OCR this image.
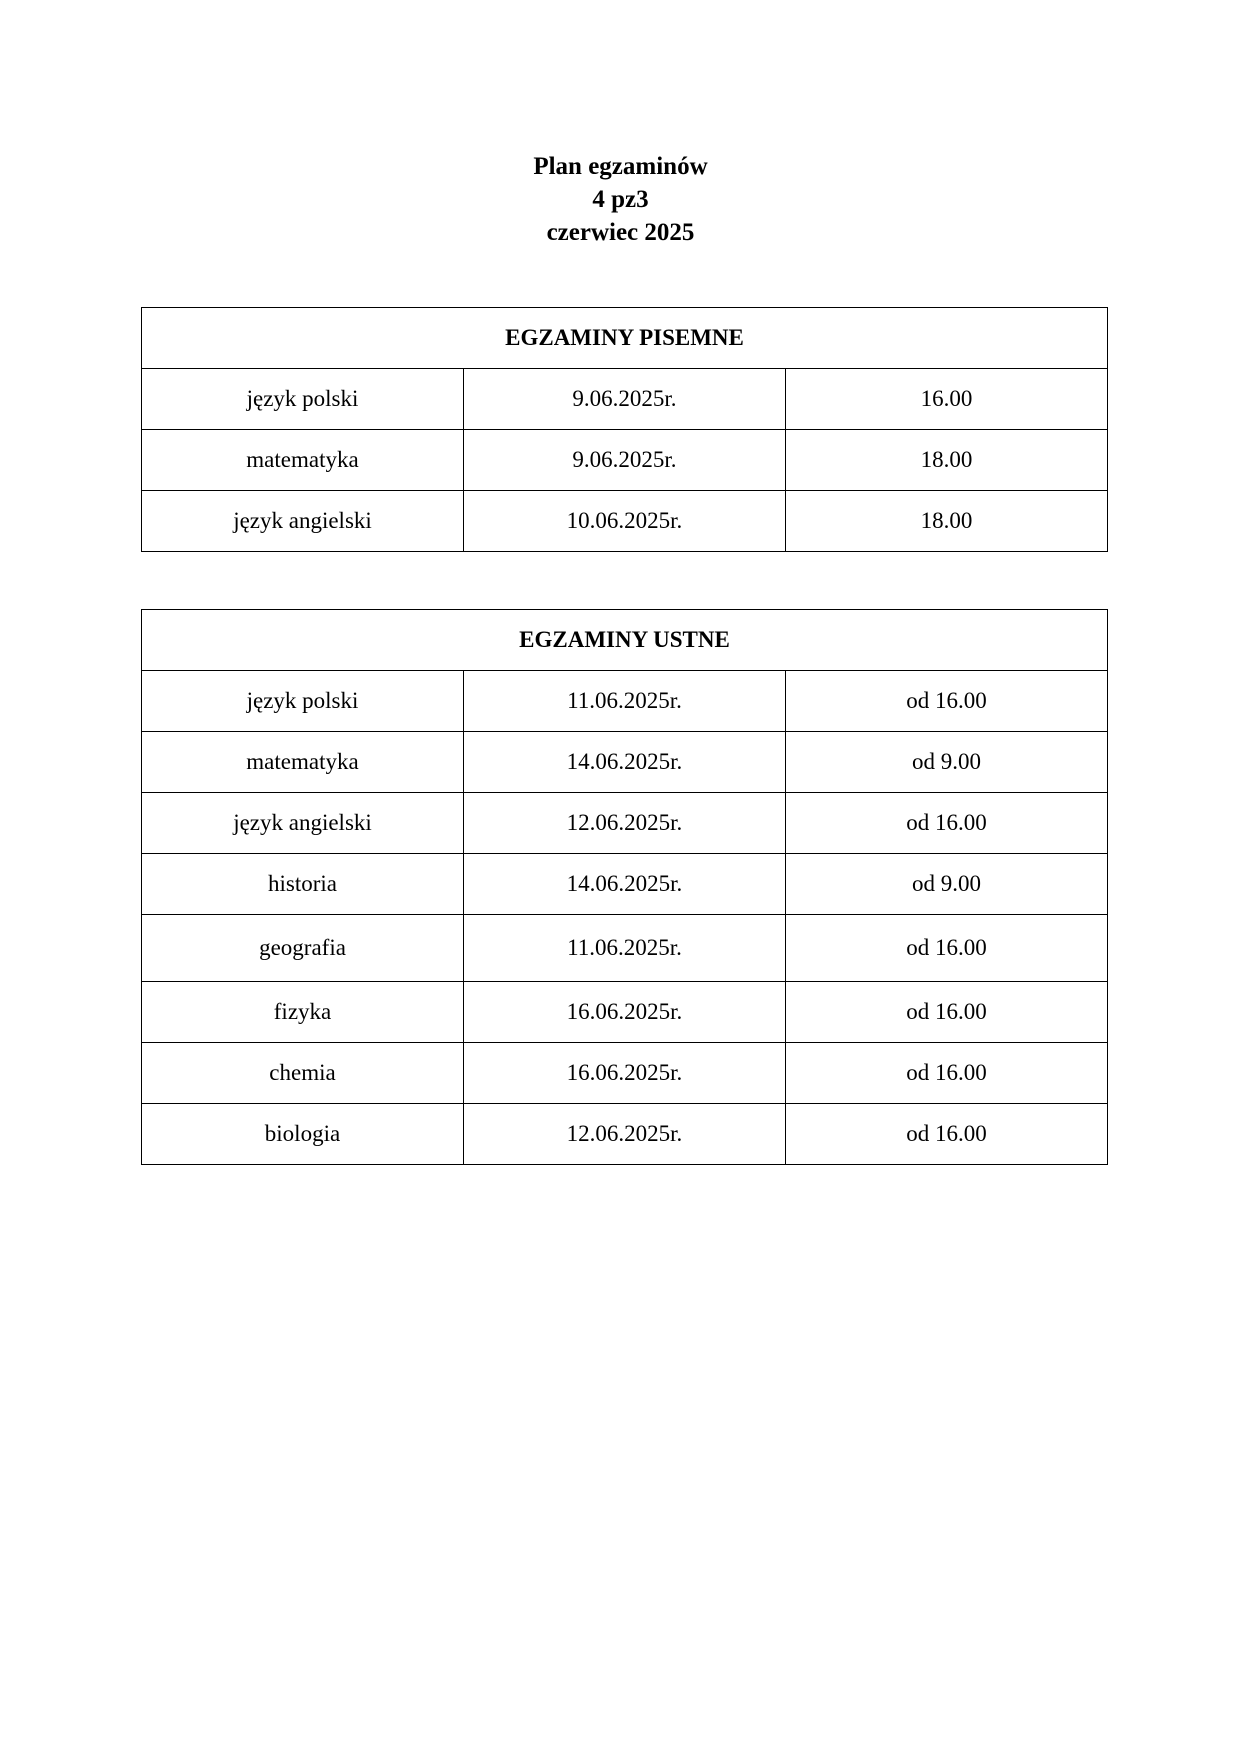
Plan egzaminów
4 pz3
czerwiec 2025
EGZAMINY PISEMNE		
język polski	9.06.2025r.	16.00
matematyka	9.06.2025r.	18.00
język angielski	10.06.2025r.	18.00
EGZAMINY USTNE		
język polski	11.06.2025r.	od 16.00
matematyka	14.06.2025r.	od 9.00
język angielski	12.06.2025r.	od 16.00
historia	14.06.2025r.	od 9.00
geografia	11.06.2025r.	od 16.00
fizyka	16.06.2025r.	od 16.00
chemia	16.06.2025r.	od 16.00
biologia	12.06.2025r.	od 16.00
